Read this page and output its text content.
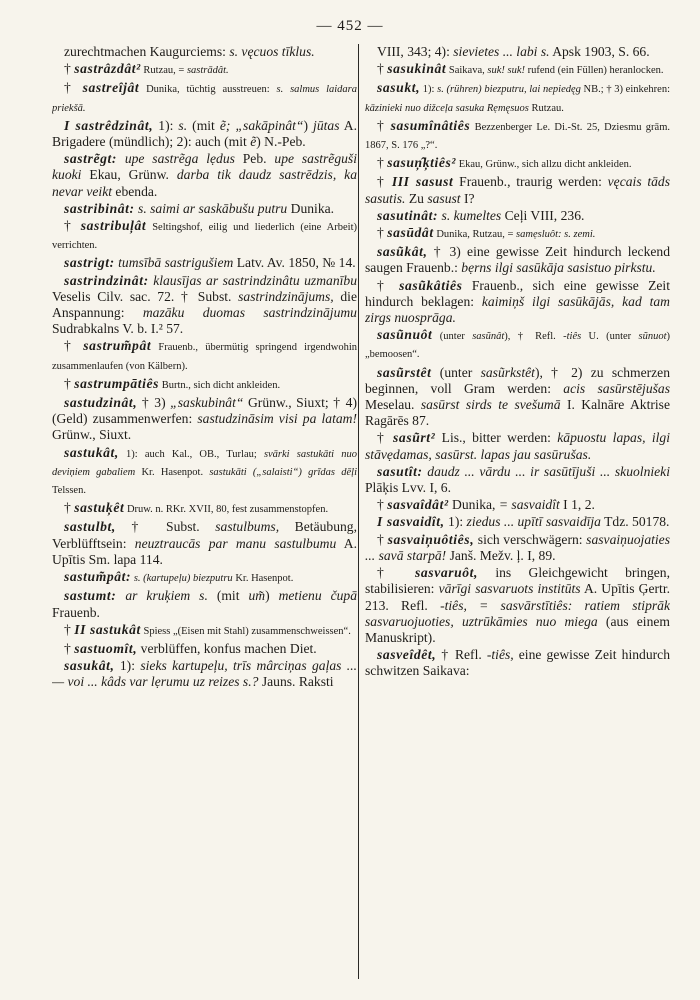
— 452 —

zurechtmachen Kaugurciems: s. vęcuos tīklus.

† sastrâzdât² Rutzau, = sastrādât.

† sastreîjât Dunika, tüchtig ausstreuen: s. salmus laidara priekšā.

I sastrêdzinât, 1): s. (mit ẽ; „sakāpinât“) jūtas A. Brigadere (mündlich); 2): auch (mit ẽ) N.-Peb.

sastrẽgt: upe sastrẽga lẹdus Peb. upe sastrẽguši kuoki Ekau, Grünw. darba tik daudz sastrēdzis, ka nevar veikt ebenda.

sastribinât: s. saimi ar saskābušu putru Dunika.

† sastribuļât Seltingshof, eilig und liederlich (eine Arbeit) verrichten.

sastrigt: tumsībā sastrigušiem Latv. Av. 1850, № 14.

sastrindzinât: klausījas ar sastrindzinâtu uzmanību Veselis Cilv. sac. 72. † Subst. sastrindzinājums, die Anspannung: mazāku duomas sastrindzinājumu Sudrabkalns V. b. I.² 57.

† sastrum̃pât Frauenb., übermütig springend irgendwohin zusammenlaufen (von Kälbern).

† sastrumpātiês Burtn., sich dicht ankleiden.

sastudzinât, † 3) „saskubinât“ Grünw., Siuxt; † 4) (Geld) zusammenwerfen: sastudzināsim visi pa latam! Grünw., Siuxt.

sastukât, 1): auch Kal., OB., Turlau; svārki sastukāti nuo deviņiem gabaliem Kr. Hasenpot. sastukāti („salaisti“) grīdas dēļi Telssen.

† sastuķêt Druw. n. RKr. XVII, 80, fest zusammenstopfen.

sastulbt, † Subst. sastulbums, Betäubung, Verblüfftsein: neuztraucās par manu sastulbumu A. Upītis Sm. lapa 114.

sastum̃pât: s. (kartupeļu) biezputru Kr. Hasenpot.

sastumt: ar kruķiem s. (mit um̃) metienu čupā Frauenb.

† II sastukât Spiess „(Eisen mit Stahl) zusammenschweissen“.

† sastuomît, verblüffen, konfus machen Diet.

sasukât, 1): sieks kartupeļu, trīs mârciņas gaļas ... — voi ... kâds var lẹrumu uz reizes s.? Jauns. Raksti

VIII, 343; 4): sievietes ... labi s. Apsk 1903, S. 66.

† sasukinât Saikava, suk! suk! rufend (ein Füllen) heranlocken.

sasukt, 1): s. (rühren) biezputru, lai nepiedęg NB.; † 3) einkehren: kāzinieki nuo dižceļa sasuka Rẹmęsuos Rutzau.

† sasumînâtiês Bezzenberger Le. Di.-St. 25, Dziesmu grām. 1867, S. 176 „?“.

† sasuņ̂ķtiês² Ekau, Grünw., sich allzu dicht ankleiden.

† III sasust Frauenb., traurig werden: vęcais tāds sasutis. Zu sasust I?

sasutinât: s. kumeltes Ceļi VIII, 236.

† sasūdât Dunika, Rutzau, = samẹsluôt: s. zemi.

sasũkât, † 3) eine gewisse Zeit hindurch leckend saugen Frauenb.: bẹrns ilgi sasūkāja sasistuo pirkstu.

† sasũkâtiês Frauenb., sich eine gewisse Zeit hindurch beklagen: kaimiņš ilgi sasūkājās, kad tam zirgs nuosprāga.

sasũnuôt (unter sasũnât), † Refl. -tiês U. (unter sũnuot) „bemoosen“.

sasũrstêt (unter sasũrkstêt), † 2) zu schmerzen beginnen, voll Gram werden: acis sasūrstējušas Meselau. sasūrst sirds te svešumā I. Kalnāre Aktrise Ragārēs 87.

† sasũrt² Lis., bitter werden: kāpuostu lapas, ilgi stāvẹdamas, sasūrst. lapas jau sasūrušas.

sasutît: daudz ... vārdu ... ir sasūtījuši ... skuolnieki Plāķis Lvv. I, 6.

† sasvaîdât² Dunika, = sasvaidît I 1, 2.

I sasvaidît, 1): ziedus ... upītī sasvaidīja Tdz. 50178.

† sasvaiņuôtiês, sich verschwägern: sasvaiņuojaties ... savā starpā! Janš. Mežv. ļ. I, 89.

† sasvaruôt, ins Gleichgewicht bringen, stabilisieren: vārīgi sasvaruots institūts A. Upītis Ģertr. 213. Refl. -tiês, = sasvārstītiês: ratiem stiprāk sasvaruojuoties, uztrūkāmies nuo miega (aus einem Manuskript).

sasveîdêt, † Refl. -tiês, eine gewisse Zeit hindurch schwitzen Saikava:
